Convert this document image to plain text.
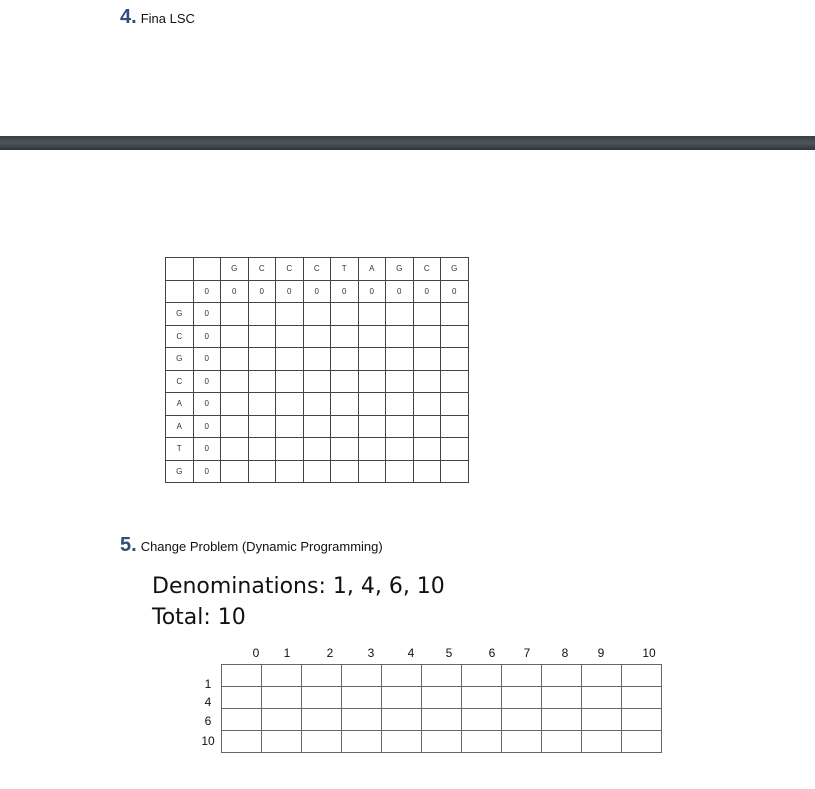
4. Fina LSC
		G	C	C	C	T	A	G	C	G
	0	0	0	0	0	0	0	0	0	0
G	0									
C	0									
G	0									
C	0									
A	0									
A	0									
T	0									
G	0									
5. Change Problem (Dynamic Programming)
Denominations: 1, 4, 6, 10
Total: 10
0	1	2	3	4	5	6	7	8	9	10
1
4
6
10
